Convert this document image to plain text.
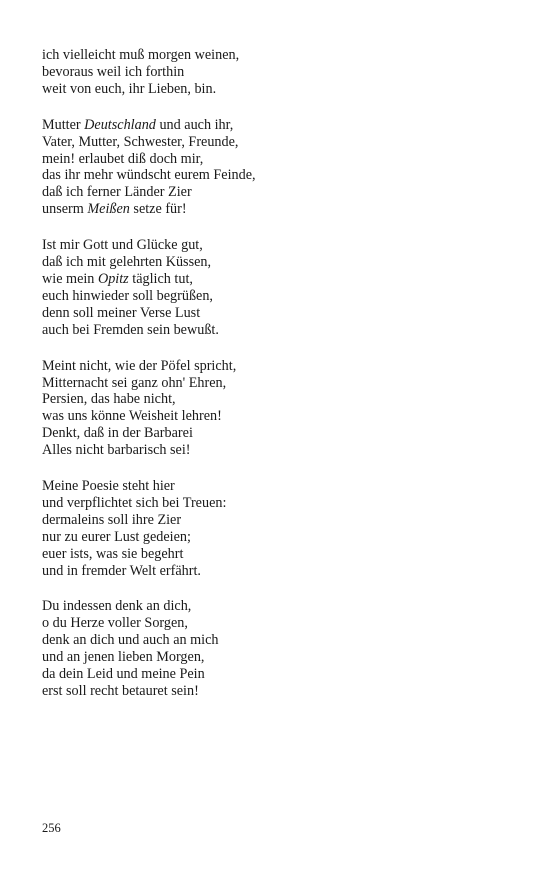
ich vielleicht muß morgen weinen,
bevoraus weil ich forthin
weit von euch, ihr Lieben, bin.
Mutter Deutschland und auch ihr,
Vater, Mutter, Schwester, Freunde,
mein! erlaubet diß doch mir,
das ihr mehr wündscht eurem Feinde,
daß ich ferner Länder Zier
unserm Meißen setze für!
Ist mir Gott und Glücke gut,
daß ich mit gelehrten Küssen,
wie mein Opitz täglich tut,
euch hinwieder soll begrüßen,
denn soll meiner Verse Lust
auch bei Fremden sein bewußt.
Meint nicht, wie der Pöfel spricht,
Mitternacht sei ganz ohn' Ehren,
Persien, das habe nicht,
was uns könne Weisheit lehren!
Denkt, daß in der Barbarei
Alles nicht barbarisch sei!
Meine Poesie steht hier
und verpflichtet sich bei Treuen:
dermaleins soll ihre Zier
nur zu eurer Lust gedeien;
euer ists, was sie begehrt
und in fremder Welt erfährt.
Du indessen denk an dich,
o du Herze voller Sorgen,
denk an dich und auch an mich
und an jenen lieben Morgen,
da dein Leid und meine Pein
erst soll recht betauret sein!
256
